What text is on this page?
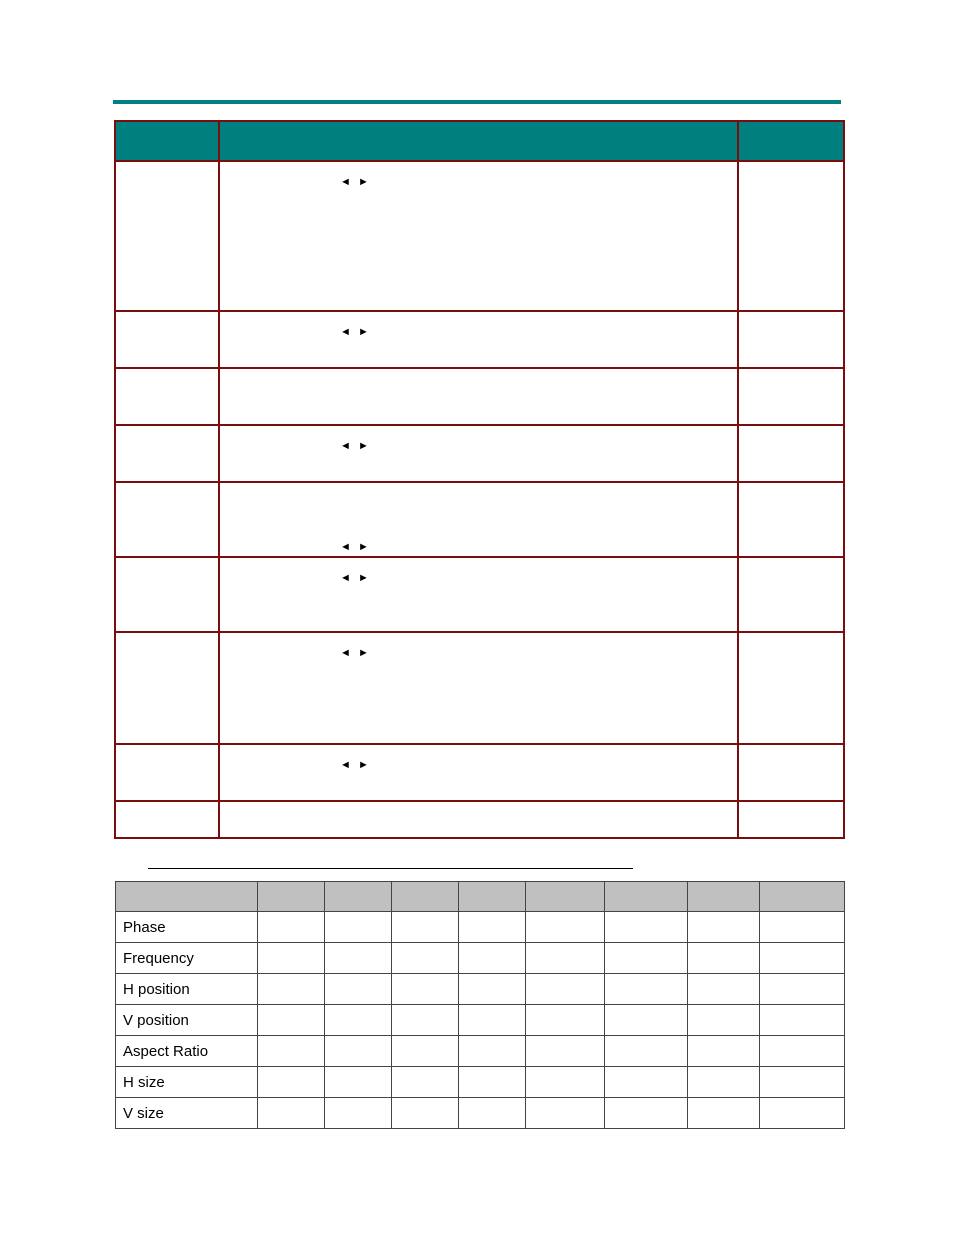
	◄ ►	
	◄ ►	

	◄ ►	
	◄ ►	
	◄ ►	
	◄ ►	
	◄ ►	

Phase								
Frequency								
H position								
V position								
Aspect Ratio								
H size								
V size								
